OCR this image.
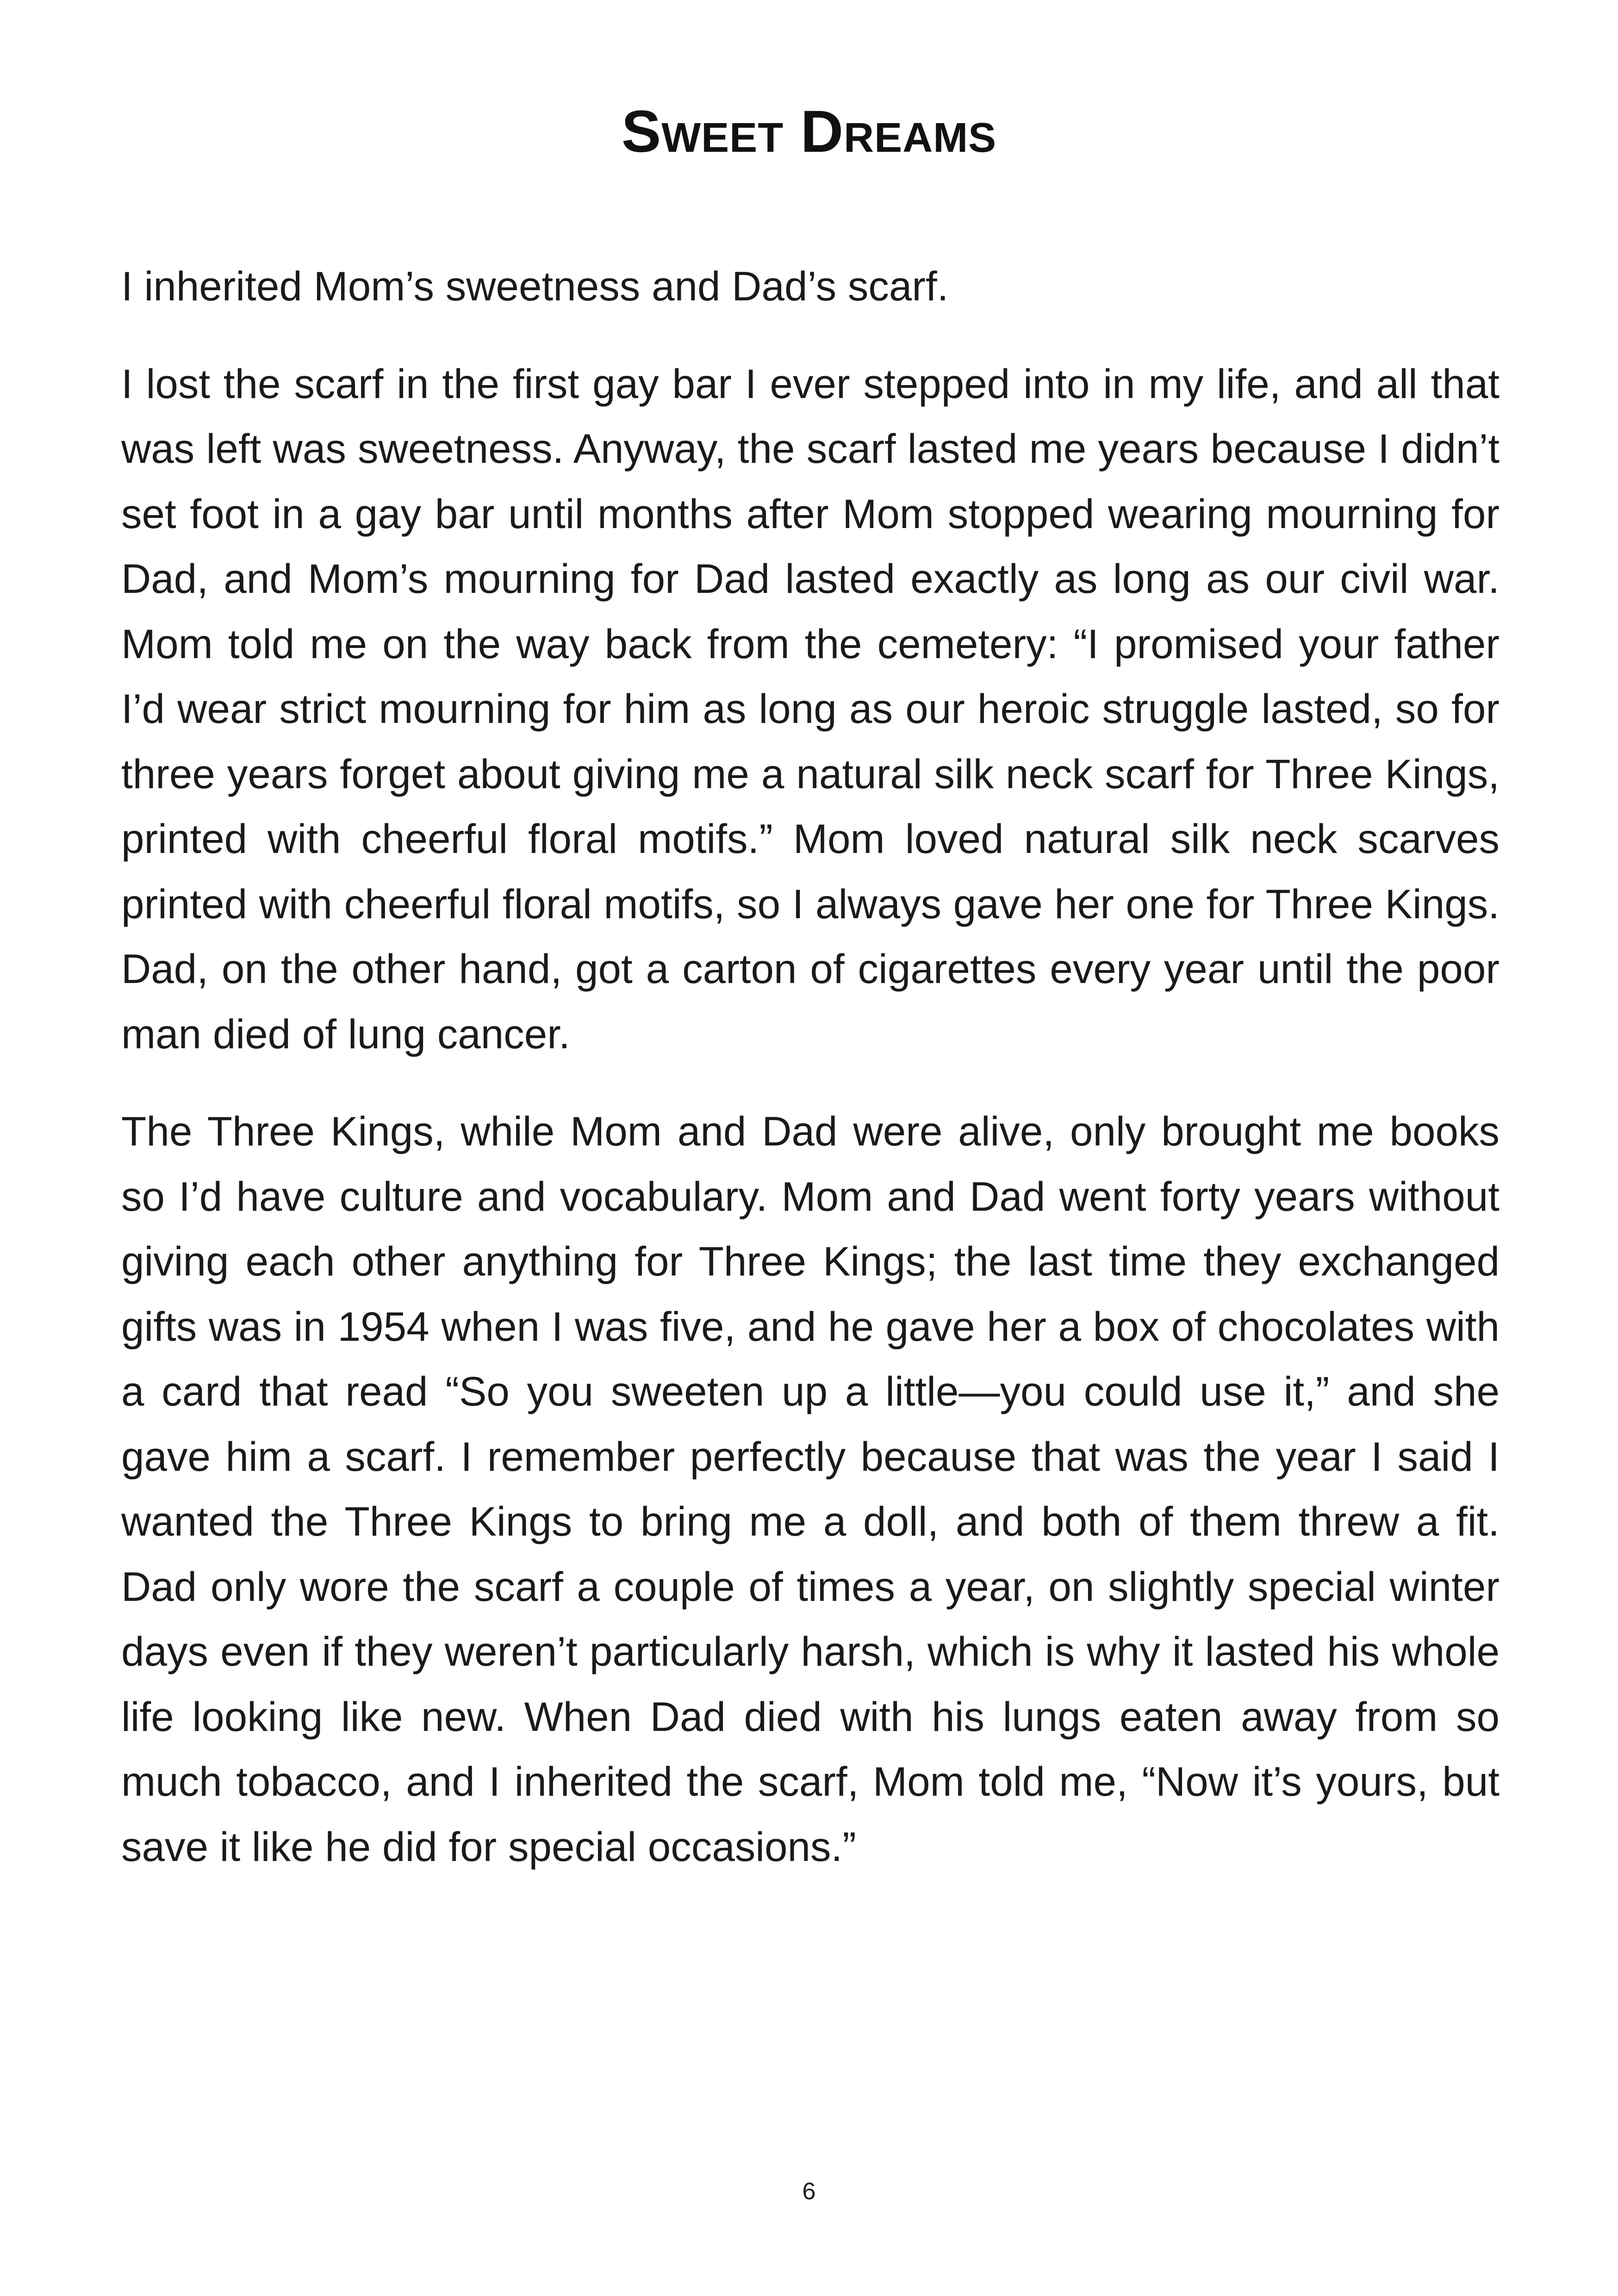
Sweet Dreams

I inherited Mom’s sweetness and Dad’s scarf.

I lost the scarf in the first gay bar I ever stepped into in my life, and all that was left was sweetness. Anyway, the scarf lasted me years because I didn’t set foot in a gay bar until months after Mom stopped wearing mourning for Dad, and Mom’s mourning for Dad lasted exactly as long as our civil war. Mom told me on the way back from the cemetery: “I promised your father I’d wear strict mourning for him as long as our heroic struggle lasted, so for three years forget about giving me a natural silk neck scarf for Three Kings, printed with cheerful floral motifs.” Mom loved natural silk neck scarves printed with cheerful floral motifs, so I always gave her one for Three Kings. Dad, on the other hand, got a carton of cigarettes every year until the poor man died of lung cancer.

The Three Kings, while Mom and Dad were alive, only brought me books so I’d have culture and vocabulary. Mom and Dad went forty years without giving each other anything for Three Kings; the last time they exchanged gifts was in 1954 when I was five, and he gave her a box of chocolates with a card that read “So you sweeten up a little—you could use it,” and she gave him a scarf. I remember perfectly because that was the year I said I wanted the Three Kings to bring me a doll, and both of them threw a fit. Dad only wore the scarf a couple of times a year, on slightly special winter days even if they weren’t particularly harsh, which is why it lasted his whole life looking like new. When Dad died with his lungs eaten away from so much tobacco, and I inherited the scarf, Mom told me, “Now it’s yours, but save it like he did for special occasions.”

6
